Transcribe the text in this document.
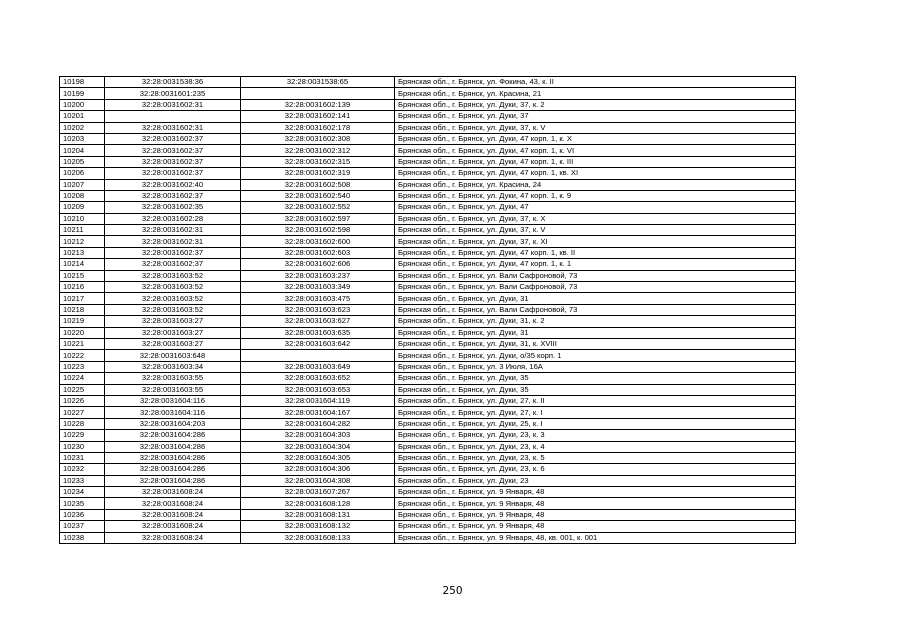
10198	32:28:0031538:36	32:28:0031538:65	Брянская обл., г. Брянск, ул. Фокина, 43, к. II
10199	32:28:0031601:235		Брянская обл., г. Брянск, ул. Красина, 21
10200	32:28:0031602:31	32:28:0031602:139	Брянская обл., г. Брянск, ул. Дуки, 37, к. 2
10201		32:28:0031602:141	Брянская обл., г. Брянск, ул. Дуки, 37
10202	32:28:0031602:31	32:28:0031602:178	Брянская обл., г. Брянск, ул. Дуки, 37, к. V
10203	32:28:0031602:37	32:28:0031602:308	Брянская обл., г. Брянск, ул. Дуки, 47 корп. 1, к. X
10204	32:28:0031602:37	32:28:0031602:312	Брянская обл., г. Брянск, ул. Дуки, 47 корп. 1, к. VI
10205	32:28:0031602:37	32:28:0031602:315	Брянская обл., г. Брянск, ул. Дуки, 47 корп. 1, к. III
10206	32:28:0031602:37	32:28:0031602:319	Брянская обл., г. Брянск, ул. Дуки, 47 корп. 1, кв. XI
10207	32:28:0031602:40	32:28:0031602:508	Брянская обл., г. Брянск, ул. Красина, 24
10208	32:28:0031602:37	32:28:0031602:540	Брянская обл., г. Брянск, ул. Дуки, 47 корп. 1, к. 9
10209	32:28:0031602:35	32:28:0031602:552	Брянская обл., г. Брянск, ул. Дуки, 47
10210	32:28:0031602:28	32:28:0031602:597	Брянская обл., г. Брянск, ул. Дуки, 37, к. X
10211	32:28:0031602:31	32:28:0031602:598	Брянская обл., г. Брянск, ул. Дуки, 37, к. V
10212	32:28:0031602:31	32:28:0031602:600	Брянская обл., г. Брянск, ул. Дуки, 37, к. XI
10213	32:28:0031602:37	32:28:0031602:603	Брянская обл., г. Брянск, ул. Дуки, 47 корп. 1, кв. II
10214	32:28:0031602:37	32:28:0031602:606	Брянская обл., г. Брянск, ул. Дуки, 47 корп. 1, к. 1
10215	32:28:0031603:52	32:28:0031603:237	Брянская обл., г. Брянск, ул. Вали Сафроновой, 73
10216	32:28:0031603:52	32:28:0031603:349	Брянская обл., г. Брянск, ул. Вали Сафроновой, 73
10217	32:28:0031603:52	32:28:0031603:475	Брянская обл., г. Брянск, ул. Дуки, 31
10218	32:28:0031603:52	32:28:0031603:623	Брянская обл., г. Брянск, ул. Вали Сафроновой, 73
10219	32:28:0031603:27	32:28:0031603:627	Брянская обл., г. Брянск, ул. Дуки, 31, к. 2
10220	32:28:0031603:27	32:28:0031603:635	Брянская обл., г. Брянск, ул. Дуки, 31
10221	32:28:0031603:27	32:28:0031603:642	Брянская обл., г. Брянск, ул. Дуки, 31, к. XVIII
10222	32:28:0031603:648		Брянская обл., г. Брянск, ул. Дуки, о/35 корп. 1
10223	32:28:0031603:34	32:28:0031603:649	Брянская обл., г. Брянск, ул. 3 Июля, 16А
10224	32:28:0031603:55	32:28:0031603:652	Брянская обл., г. Брянск, ул. Дуки, 35
10225	32:28:0031603:55	32:28:0031603:653	Брянская обл., г. Брянск, ул. Дуки, 35
10226	32:28:0031604:116	32:28:0031604:119	Брянская обл., г. Брянск, ул. Дуки, 27, к. II
10227	32:28:0031604:116	32:28:0031604:167	Брянская обл., г. Брянск, ул. Дуки, 27, к. I
10228	32:28:0031604:203	32:28:0031604:282	Брянская обл., г. Брянск, ул. Дуки, 25, к. I
10229	32:28:0031604:286	32:28:0031604:303	Брянская обл., г. Брянск, ул. Дуки, 23, к. 3
10230	32:28:0031604:286	32:28:0031604:304	Брянская обл., г. Брянск, ул. Дуки, 23, к. 4
10231	32:28:0031604:286	32:28:0031604:305	Брянская обл., г. Брянск, ул. Дуки, 23, к. 5
10232	32:28:0031604:286	32:28:0031604:306	Брянская обл., г. Брянск, ул. Дуки, 23, к. 6
10233	32:28:0031604:286	32:28:0031604:308	Брянская обл., г. Брянск, ул. Дуки, 23
10234	32:28:0031608:24	32:28:0031607:267	Брянская обл., г. Брянск, ул. 9 Января, 48
10235	32:28:0031608:24	32:28:0031608:128	Брянская обл., г. Брянск, ул. 9 Января, 48
10236	32:28:0031608:24	32:28:0031608:131	Брянская обл., г. Брянск, ул. 9 Января, 48
10237	32:28:0031608:24	32:28:0031608:132	Брянская обл., г. Брянск, ул. 9 Января, 48
10238	32:28:0031608:24	32:28:0031608:133	Брянская обл., г. Брянск, ул. 9 Января, 48, кв. 001, к. 001
250
